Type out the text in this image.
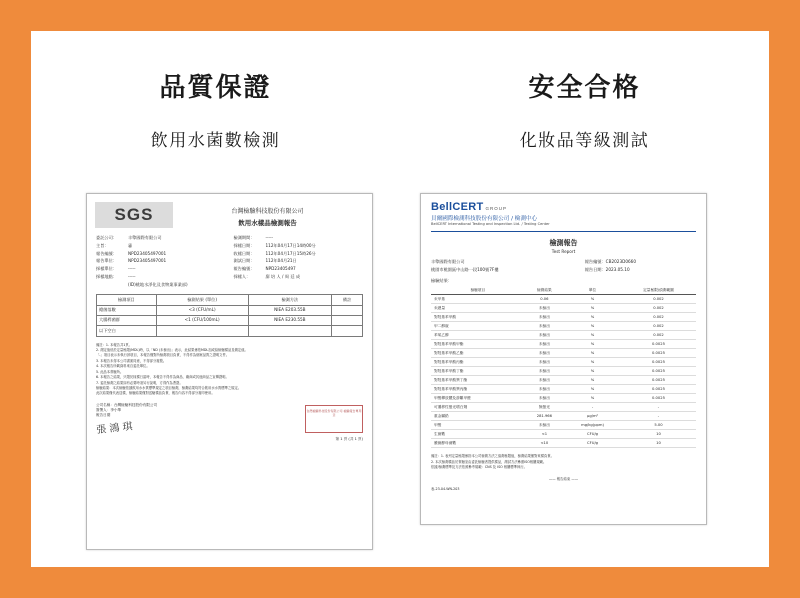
品質保證
飲用水菌數檢測
SGS	台灣檢驗科技股份有限公司
飲用水樣品檢測報告
委託公司：	丰擎國際有限公司
主旨：	審
報告編號：	NPD23405497001
報告單位：	NPD23405497001
採樣單位：	-----
採樣地點：	-----
(ID)桃地水淨化及食物業事業部)
檢測期間：	-----
採樣日期：	112年04月17日14時00分
收樣日期：	112年04月17日15時26分
測試日期：	112年04月21日
報告編號：	NPD23405497
採樣人：	廖 培 人 / 周 廷 成
檢測項目	檢測結果 (單位)	檢測方法	備註
總菌落數	<3 (CFU/mL)	NIEA E203.55B	
大腸桿菌群	<1 (CFU/100mL)	NIEA E230.55B	
以下空白			
備註：1. 本報告共1頁。
2. 測定值低於定量極限(MDL)時，以「ND (未檢出)」表示，此結果係依MDL加成給檢驗樣品及測定值。
「-」項目表示未執行該項目，本報告僅對所檢測項目負責，不得作為個案品質之證明文件。
3. 本報告未得本公司書面同意，不得部分複製。
4. 本次報告所載資料來自委託單位。
5. 此品本實驗所。
6. 本報告之結果，只限於採樣日當時，本報告不得作為商品、廠商或其他商品之宣傳證明。
7. 委託檢測之結果如有必要時須另行說明，方得作為憑證。
檢驗結果：本次檢驗依據飲用水水質標準規定之項目檢測，檢測結果均符合飲用水水質標準之規定。
此次結果僅代表送樣，檢驗結果僅對送驗樣品負責，報告內容不得部分複印使用。
公司名稱：台灣檢驗科技股份有限公司
簽署人：李小華
報告日期
張 鴻 琪
台灣檢驗科技股份有限公司 檢驗報告專用章
第 1 頁 (共 1 頁)
安全合格
化妝品等級測試
BellCERT GROUP
貝爾國際檢測科技股份有限公司 / 檢測中心
BellCERT International Testing and Inspection Ltd. / Testing Center
檢測報告
Test Report
丰擎國際有限公司
桃園市桃園區中山路一段100號7F樓
報告編號：CB2023D0660
報告日期：2023.05.10
檢驗結果：
檢驗項目	檢測結果	單位	定量極限/偵測範圍
汞甲基	0.06	%	0.002
汞總量	未檢出	%	0.002
對羥基苯甲酸	未檢出	%	0.002
甲二醇胺	未檢出	%	0.002
苯氧乙醇	未檢出	%	0.002
對羥基苯甲酸甲酯	未檢出	%	0.0025
對羥基苯甲酸乙酯	未檢出	%	0.0025
對羥基苯甲酸丙酯	未檢出	%	0.0025
對羥基苯甲酸丁酯	未檢出	%	0.0025
對羥基苯甲酸異丁酯	未檢出	%	0.0025
對羥基苯甲酸異丙酯	未檢出	%	0.0025
甲醛釋放體及游離甲醛	未檢出	%	0.0025
可遷移性螢光增白劑	無螢光	-	-
重金屬鉛	281.966	µg/m²	-
甲醛	未檢出	mg/kg(ppm)	5.00
生菌數	<1	CFU/g	10
黴菌酵母菌數	<10	CFU/g	10
備註：1. 表列定量極限係指本公司檢測方法之偵測極限值，檢測結果僅對來樣負責。
2. 本次檢測樣品於實驗室由委託檢驗者提供樣品，測試方法參照ISO相關規範。
依據/檢測標準及方法依照參考規範：CNS 及 ISO 相關標準執行。
—— 報告結束 ——
表-23-04-WN-203
